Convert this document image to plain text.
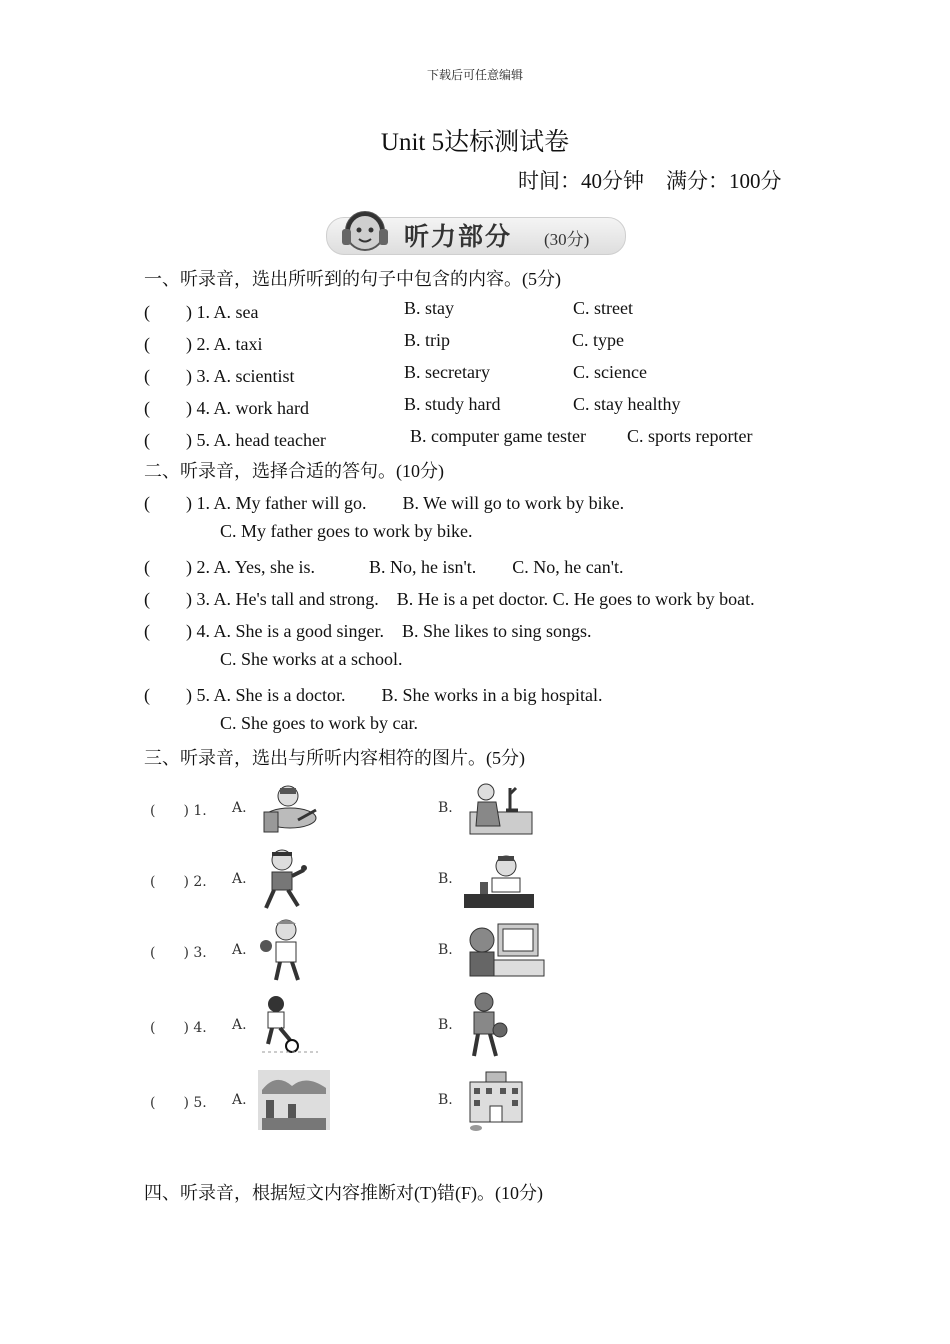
下载后可任意编辑
Unit 5达标测试卷
时间：40分钟 满分：100分
听力部分 (30分)
一、听录音，选出所听到的句子中包含的内容。(5分)
(　　) 1. A. sea	B. stay	C. street
(　　) 2. A. taxi	B. trip	C. type
(　　) 3. A. scientist	B. secretary	C. science
(　　) 4. A. work hard	B. study hard	C. stay healthy
(　　) 5. A. head teacher	B. computer game tester C. sports reporter
二、听录音，选择合适的答句。(10分)
(　　) 1. A. My father will go.　　B. We will go to work by bike.
C. My father goes to work by bike.
(　　) 2. A. Yes, she is.　　　B. No, he isn't.　　C. No, he can't.
(　　) 3. A. He's tall and strong.　B. He is a pet doctor. C. He goes to work by boat.
(　　) 4. A. She is a good singer.　B. She likes to sing songs.
C. She works at a school.
(　　) 5. A. She is a doctor.　　B. She works in a big hospital.
C. She goes to work by car.
三、听录音，选出与所听内容相符的图片。(5分)
(　　) 1. A.	B.
(　　) 2. A.	B.
(　　) 3. A.	B.
(　　) 4. A.	B.
(　　) 5. A.	B.
四、听录音，根据短文内容推断对(T)错(F)。(10分)
